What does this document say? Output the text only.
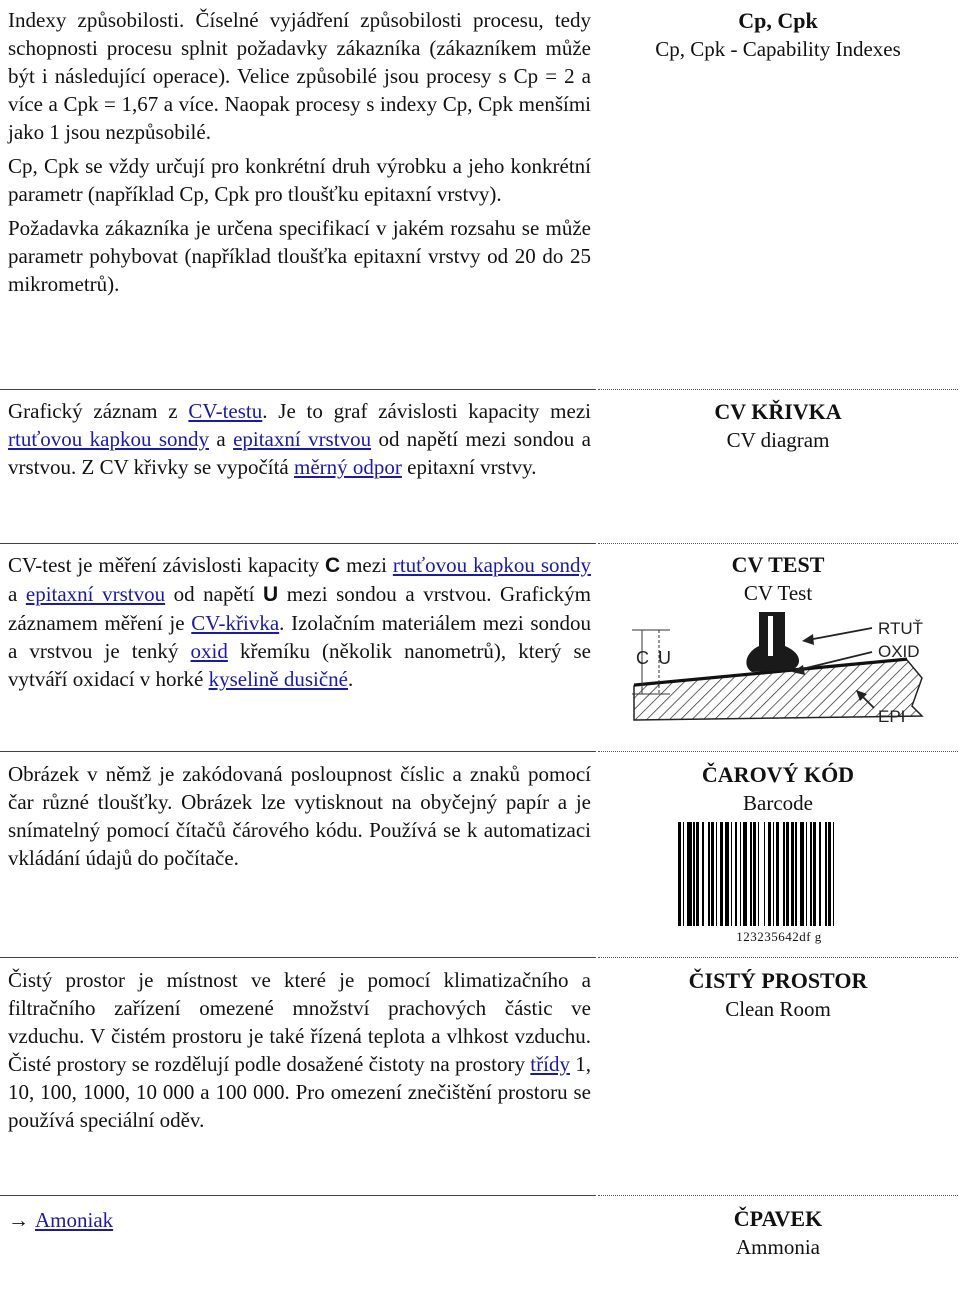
Indexy způsobilosti. Číselné vyjádření způsobilosti procesu, tedy schopnosti procesu splnit požadavky zákazníka (zákazníkem může být i následující operace). Velice způsobilé jsou procesy s Cp = 2 a více a Cpk = 1,67 a více. Naopak procesy s indexy Cp, Cpk menšími jako 1 jsou nezpůsobilé.

Cp, Cpk se vždy určují pro konkrétní druh výrobku a jeho konkrétní parametr (například Cp, Cpk pro tloušťku epitaxní vrstvy).

Požadavka zákazníka je určena specifikací v jakém rozsahu se může parametr pohybovat (například tloušťka epitaxní vrstvy od 20 do 25 mikrometrů).

Cp, Cpk
Cp, Cpk - Capability Indexes

Grafický záznam z CV-testu. Je to graf závislosti kapacity mezi rtuťovou kapkou sondy a epitaxní vrstvou od napětí mezi sondou a vrstvou. Z CV křivky se vypočítá měrný odpor epitaxní vrstvy.

CV KŘIVKA
CV diagram

CV-test je měření závislosti kapacity C mezi rtuťovou kapkou sondy a epitaxní vrstvou od napětí U mezi sondou a vrstvou. Grafickým záznamem měření je CV-křivka. Izolačním materiálem mezi sondou a vrstvou je tenký oxid křemíku (několik nanometrů), který se vytváří oxidací v horké kyselině dusičné.

CV TEST
CV Test
C U
RTUŤ
OXID
EPI

Obrázek v němž je zakódovaná posloupnost číslic a znaků pomocí čar různé tloušťky. Obrázek lze vytisknout na obyčejný papír a je snímatelný pomocí čítačů čárového kódu. Používá se k automatizaci vkládání údajů do počítače.

ČAROVÝ KÓD
Barcode
123235642df g

Čistý prostor je místnost ve které je pomocí klimatizačního a filtračního zařízení omezené množství prachových částic ve vzduchu. V čistém prostoru je také řízená teplota a vlhkost vzduchu. Čisté prostory se rozdělují podle dosažené čistoty na prostory třídy 1, 10, 100, 1000, 10 000 a 100 000. Pro omezení znečištění prostoru se používá speciální oděv.

ČISTÝ PROSTOR
Clean Room

→ Amoniak	ČPAVEK
Ammonia
